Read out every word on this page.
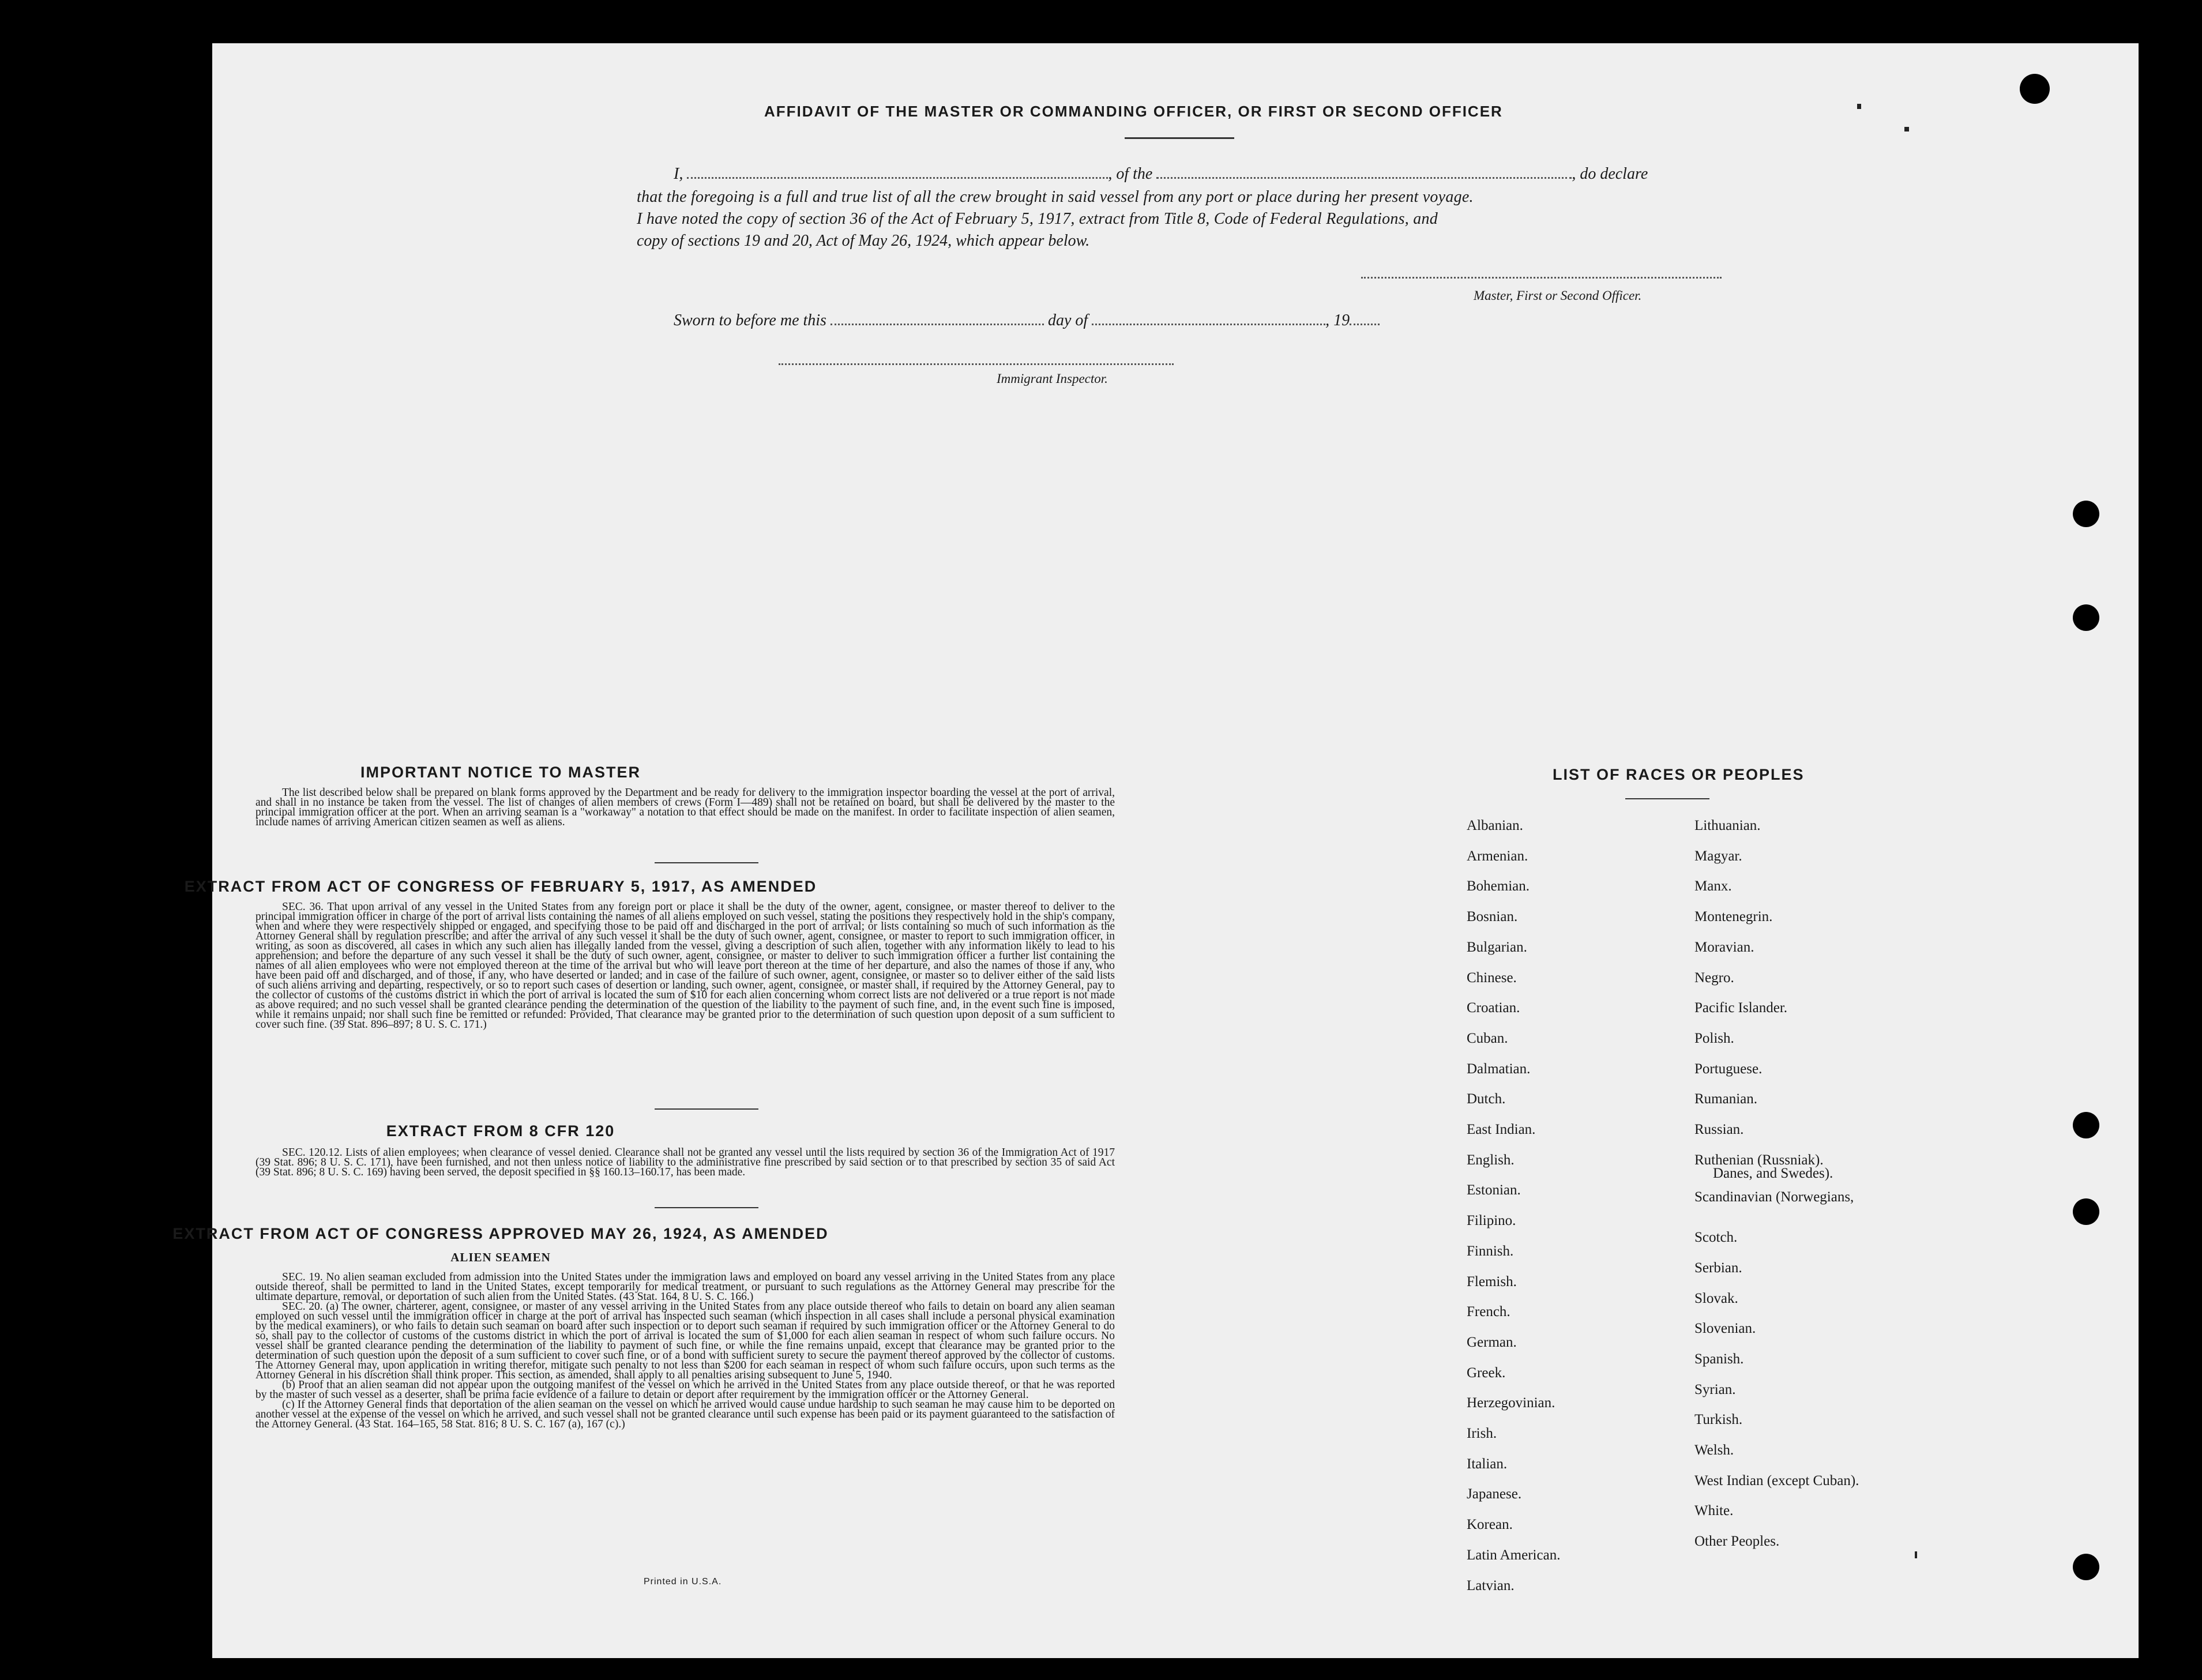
AFFIDAVIT OF THE MASTER OR COMMANDING OFFICER, OR FIRST OR SECOND OFFICER
I,	, of the	, do declare
that the foregoing is a full and true list of all the crew brought in said vessel from any port or place during her present voyage.
I have noted the copy of section 36 of the Act of February 5, 1917, extract from Title 8, Code of Federal Regulations, and
copy of sections 19 and 20, Act of May 26, 1924, which appear below.
Master, First or Second Officer.
Sworn to before me this	day of	, 19
Immigrant Inspector.
IMPORTANT NOTICE TO MASTER

The list described below shall be prepared on blank forms approved by the Department and be ready for delivery to the immigration inspector boarding the vessel at the port of arrival, and shall in no instance be taken from the vessel. The list of changes of alien members of crews (Form I—489) shall not be retained on board, but shall be delivered by the master to the principal immigration officer at the port. When an arriving seaman is a "workaway" a notation to that effect should be made on the manifest. In order to facilitate inspection of alien seamen, include names of arriving American citizen seamen as well as aliens.

EXTRACT FROM ACT OF CONGRESS OF FEBRUARY 5, 1917, AS AMENDED

SEC. 36. That upon arrival of any vessel in the United States from any foreign port or place it shall be the duty of the owner, agent, consignee, or master thereof to deliver to the principal immigration officer in charge of the port of arrival lists containing the names of all aliens employed on such vessel, stating the positions they respectively hold in the ship's company, when and where they were respectively shipped or engaged, and specifying those to be paid off and discharged in the port of arrival; or lists containing so much of such information as the Attorney General shall by regulation prescribe; and after the arrival of any such vessel it shall be the duty of such owner, agent, consignee, or master to report to such immigration officer, in writing, as soon as discovered, all cases in which any such alien has illegally landed from the vessel, giving a description of such alien, together with any information likely to lead to his apprehension; and before the departure of any such vessel it shall be the duty of such owner, agent, consignee, or master to deliver to such immigration officer a further list containing the names of all alien employees who were not employed thereon at the time of the arrival but who will leave port thereon at the time of her departure, and also the names of those if any, who have been paid off and discharged, and of those, if any, who have deserted or landed; and in case of the failure of such owner, agent, consignee, or master so to deliver either of the said lists of such aliens arriving and departing, respectively, or so to report such cases of desertion or landing, such owner, agent, consignee, or master shall, if required by the Attorney General, pay to the collector of customs of the customs district in which the port of arrival is located the sum of $10 for each alien concerning whom correct lists are not delivered or a true report is not made as above required; and no such vessel shall be granted clearance pending the determination of the question of the liability to the payment of such fine, and, in the event such fine is imposed, while it remains unpaid; nor shall such fine be remitted or refunded: Provided, That clearance may be granted prior to the determination of such question upon deposit of a sum sufficient to cover such fine. (39 Stat. 896–897; 8 U. S. C. 171.)

EXTRACT FROM 8 CFR 120

SEC. 120.12. Lists of alien employees; when clearance of vessel denied. Clearance shall not be granted any vessel until the lists required by section 36 of the Immigration Act of 1917 (39 Stat. 896; 8 U. S. C. 171), have been furnished, and not then unless notice of liability to the administrative fine prescribed by said section or to that prescribed by section 35 of said Act (39 Stat. 896; 8 U. S. C. 169) having been served, the deposit specified in §§ 160.13–160.17, has been made.

EXTRACT FROM ACT OF CONGRESS APPROVED MAY 26, 1924, AS AMENDED
ALIEN SEAMEN

SEC. 19. No alien seaman excluded from admission into the United States under the immigration laws and employed on board any vessel arriving in the United States from any place outside thereof, shall be permitted to land in the United States, except temporarily for medical treatment, or pursuant to such regulations as the Attorney General may prescribe for the ultimate departure, removal, or deportation of such alien from the United States. (43 Stat. 164, 8 U. S. C. 166.)

SEC. 20. (a) The owner, charterer, agent, consignee, or master of any vessel arriving in the United States from any place outside thereof who fails to detain on board any alien seaman employed on such vessel until the immigration officer in charge at the port of arrival has inspected such seaman (which inspection in all cases shall include a personal physical examination by the medical examiners), or who fails to detain such seaman on board after such inspection or to deport such seaman if required by such immigration officer or the Attorney General to do so, shall pay to the collector of customs of the customs district in which the port of arrival is located the sum of $1,000 for each alien seaman in respect of whom such failure occurs. No vessel shall be granted clearance pending the determination of the liability to payment of such fine, or while the fine remains unpaid, except that clearance may be granted prior to the determination of such question upon the deposit of a sum sufficient to cover such fine, or of a bond with sufficient surety to secure the payment thereof approved by the collector of customs. The Attorney General may, upon application in writing therefor, mitigate such penalty to not less than $200 for each seaman in respect of whom such failure occurs, upon such terms as the Attorney General in his discretion shall think proper. This section, as amended, shall apply to all penalties arising subsequent to June 5, 1940.

(b) Proof that an alien seaman did not appear upon the outgoing manifest of the vessel on which he arrived in the United States from any place outside thereof, or that he was reported by the master of such vessel as a deserter, shall be prima facie evidence of a failure to detain or deport after requirement by the immigration officer or the Attorney General.

(c) If the Attorney General finds that deportation of the alien seaman on the vessel on which he arrived would cause undue hardship to such seaman he may cause him to be deported on another vessel at the expense of the vessel on which he arrived, and such vessel shall not be granted clearance until such expense has been paid or its payment guaranteed to the satisfaction of the Attorney General. (43 Stat. 164–165, 58 Stat. 816; 8 U. S. C. 167 (a), 167 (c).)

Printed in U.S.A.
LIST OF RACES OR PEOPLES
Albanian.
Armenian.
Bohemian.
Bosnian.
Bulgarian.
Chinese.
Croatian.
Cuban.
Dalmatian.
Dutch.
East Indian.
English.
Estonian.
Filipino.
Finnish.
Flemish.
French.
German.
Greek.
Herzegovinian.
Irish.
Italian.
Japanese.
Korean.
Latin American.
Latvian.
Lithuanian.
Magyar.
Manx.
Montenegrin.
Moravian.
Negro.
Pacific Islander.
Polish.
Portuguese.
Rumanian.
Russian.
Ruthenian (Russniak).
Scandinavian (Norwegians,
Danes, and Swedes).
Scotch.
Serbian.
Slovak.
Slovenian.
Spanish.
Syrian.
Turkish.
Welsh.
West Indian (except Cuban).
White.
Other Peoples.
